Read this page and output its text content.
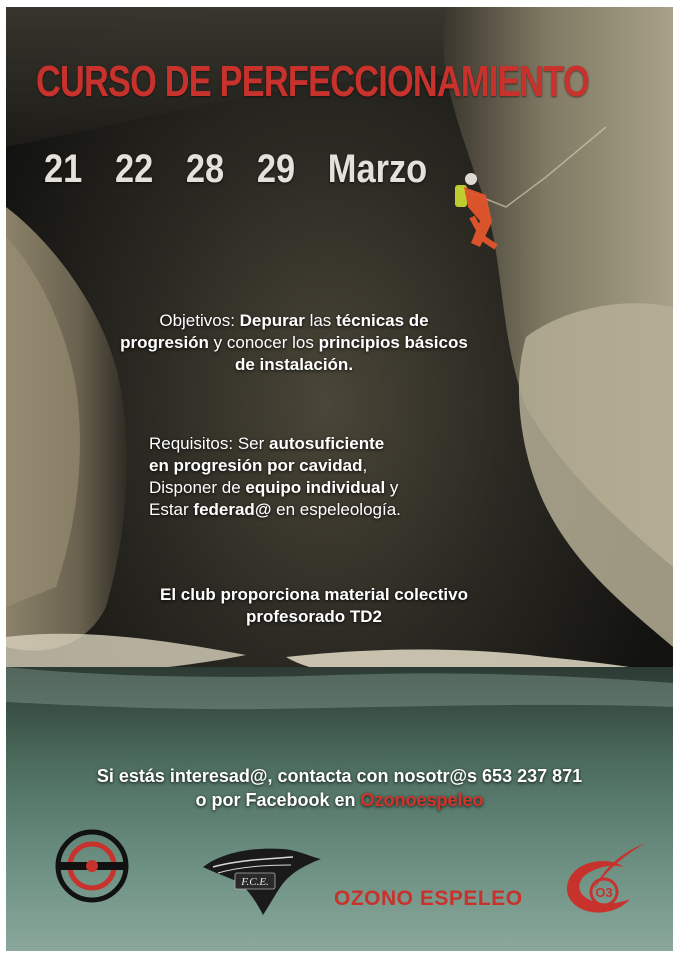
CURSO DE PERFECCIONAMIENTO
21 22 28 29 Marzo
Objetivos: Depurar las técnicas de progresión y conocer los principios básicos de instalación.
Requisitos: Ser autosuficiente
en progresión por cavidad,
Disponer de equipo individual y
Estar federad@ en espeleología.
El club proporciona material colectivo
profesorado TD2
Si estás interesad@, contacta con nosotr@s 653 237 871
o por Facebook en Ozonoespeleo
F.C.E.
OZONO ESPELEO	O3
